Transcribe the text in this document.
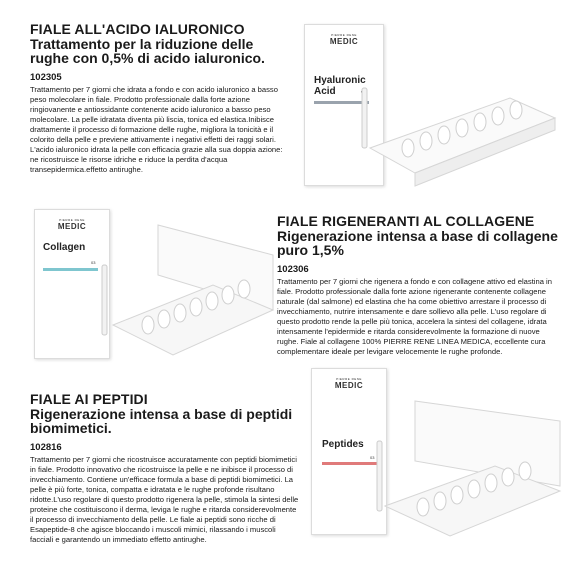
FIALE ALL'ACIDO IALURONICO
Trattamento per la riduzione delle rughe con 0,5% di acido ialuronico.
102305
Trattamento per 7 giorni che idrata a fondo e con acido ialuronico a basso peso molecolare in fiale. Prodotto professionale dalla forte azione ringiovanente e antiossidante contenente acido ialuronico a basso peso molecolare. La pelle idratata diventa più liscia, tonica ed elastica.Inibisce drattamente il processo di formazione delle rughe, migliora la tonicità e il colorito della pelle e previene attivamente i negativi effetti dei raggi solari. L'acido ialuronico idrata la pelle con efficacia grazie alla sua doppia azione: ne ricostruisce le risorse idriche e riduce la perdita d'acqua transepidermica.effetto antirughe.
PIERRE RENE
MEDIC
Hyaluronic
Acid
PIERRE RENE
MEDIC
Collagen
03
FIALE RIGENERANTI AL COLLAGENE
Rigenerazione intensa a base di collagene puro 1,5%
102306
Trattamento per 7 giorni che rigenera a fondo e con collagene attivo ed elastina in fiale. Prodotto professionale dalla forte azione rigenerante contenente collagene naturale (dal salmone) ed elastina che ha come obiettivo arrestare il processo di invecchiamento, nutrire intensamente e dare sollievo alla pelle. L'uso regolare di questo prodotto rende la pelle più tonica, accelera la sintesi del collagene, idrata intensamente l'epidermide e ritarda considerevolmente la formazione di nuove rughe. Fiale al collagene 100% PIERRE RENE LINEA MEDICA, eccellente cura complementare ideale per levigare velocemente le rughe profonde.
FIALE AI PEPTIDI
Rigenerazione intensa a base di peptidi biomimetici.
102816
Trattamento per 7 giorni che ricostruisce accuratamente con peptidi biomimetici in fiale. Prodotto innovativo che ricostruisce la pelle e ne inibisce il processo di invecchiamento. Contiene un'efficace formula a base di peptidi biomimetici. La pelle è più forte, tonica, compatta e idratata e le rughe profonde risultano ridotte.L'uso regolare di questo prodotto rigenera la pelle, stimola la sintesi delle proteine che costituiscono il derma, leviga le rughe e ritarda considerevolmente il processo di invecchiamento della pelle. Le fiale ai peptidi sono ricche di Esapeptide-8 che agisce bloccando i muscoli mimici, rilassando i muscoli facciali e garantendo un immediato effetto antirughe.
PIERRE RENE
MEDIC
Peptides
03
